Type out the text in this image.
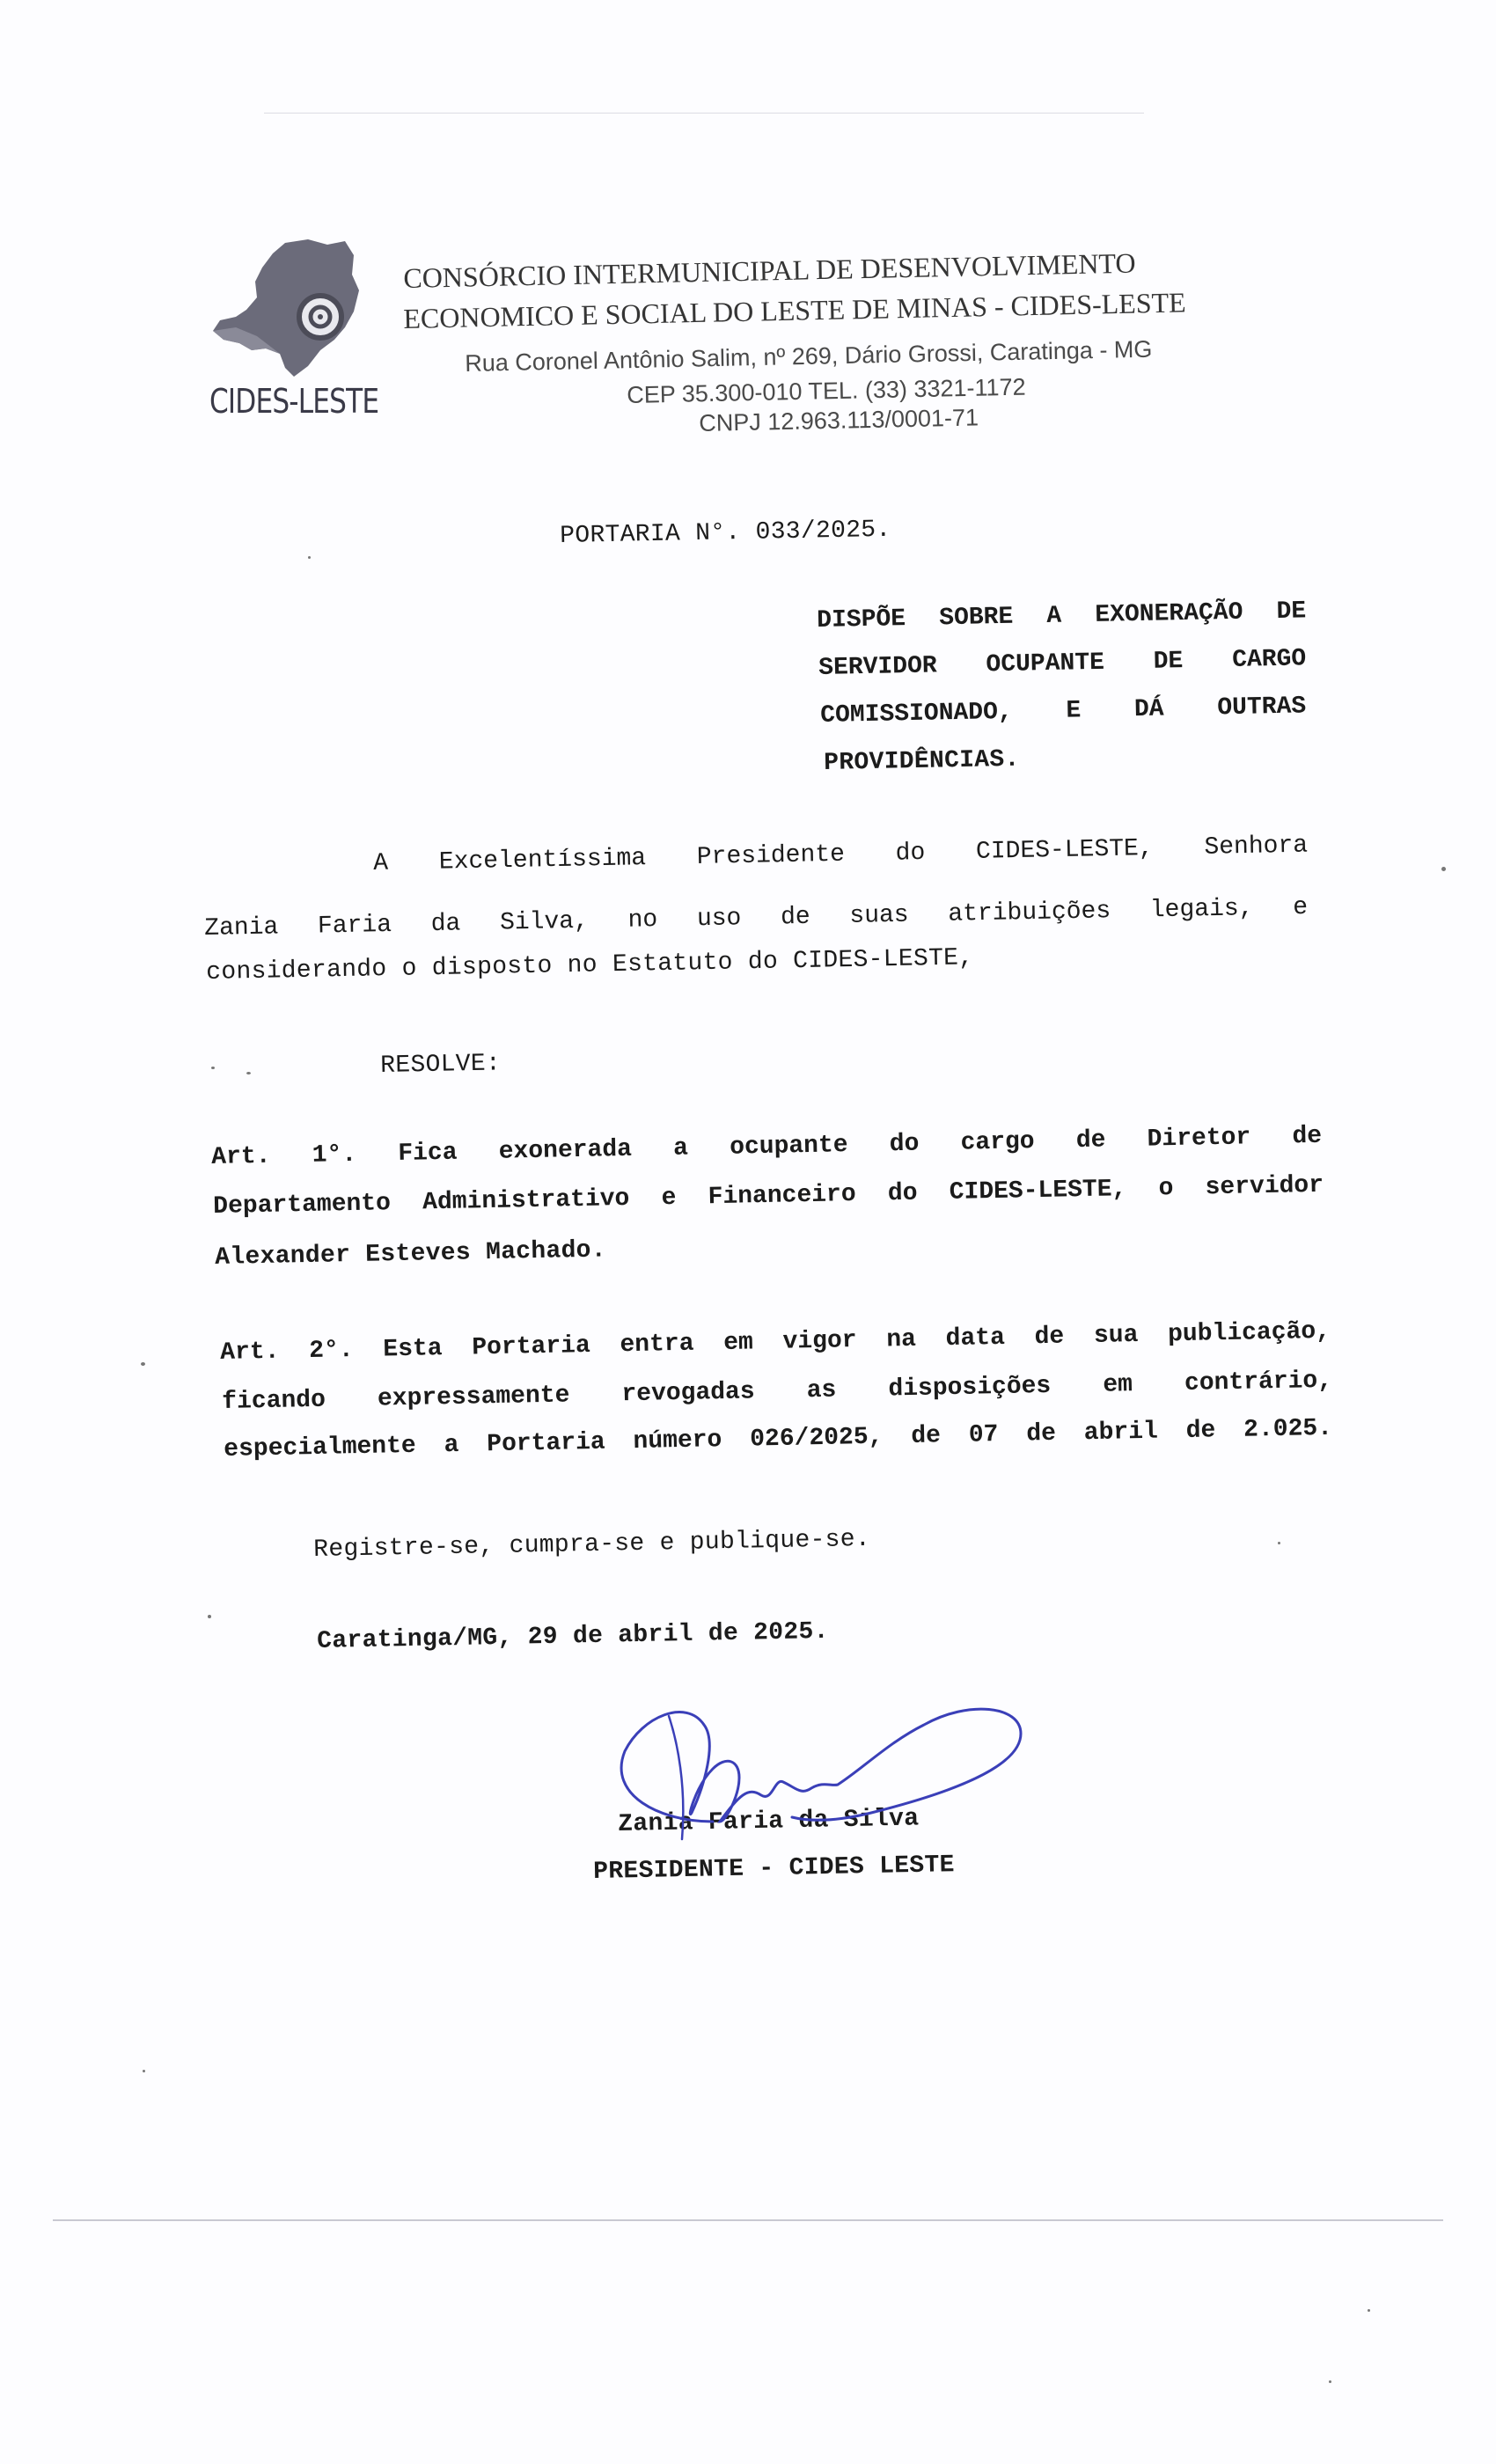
CIDES-LESTE
CONSÓRCIO INTERMUNICIPAL DE DESENVOLVIMENTO
ECONOMICO E SOCIAL DO LESTE DE MINAS - CIDES-LESTE
Rua Coronel Antônio Salim, nº 269, Dário Grossi, Caratinga - MG
CEP 35.300-010 TEL. (33) 3321-1172
CNPJ 12.963.113/0001-71
PORTARIA N°. 033/2025.
DISPÕE SOBRE A EXONERAÇÃO DE
SERVIDOR OCUPANTE DE CARGO
COMISSIONADO, E DÁ OUTRAS
PROVIDÊNCIAS.
A Excelentíssima Presidente do CIDES-LESTE, Senhora
Zania Faria da Silva, no uso de suas atribuições legais, e
considerando o disposto no Estatuto do CIDES-LESTE,
RESOLVE:
Art. 1°. Fica exonerada a ocupante do cargo de Diretor de
Departamento Administrativo e Financeiro do CIDES-LESTE, o servidor
Alexander Esteves Machado.
Art. 2°. Esta Portaria entra em vigor na data de sua publicação,
ficando expressamente revogadas as disposições em contrário,
especialmente a Portaria número 026/2025, de 07 de abril de 2.025.
Registre-se, cumpra-se e publique-se.
Caratinga/MG, 29 de abril de 2025.
Zania Faria da Silva
PRESIDENTE - CIDES LESTE
